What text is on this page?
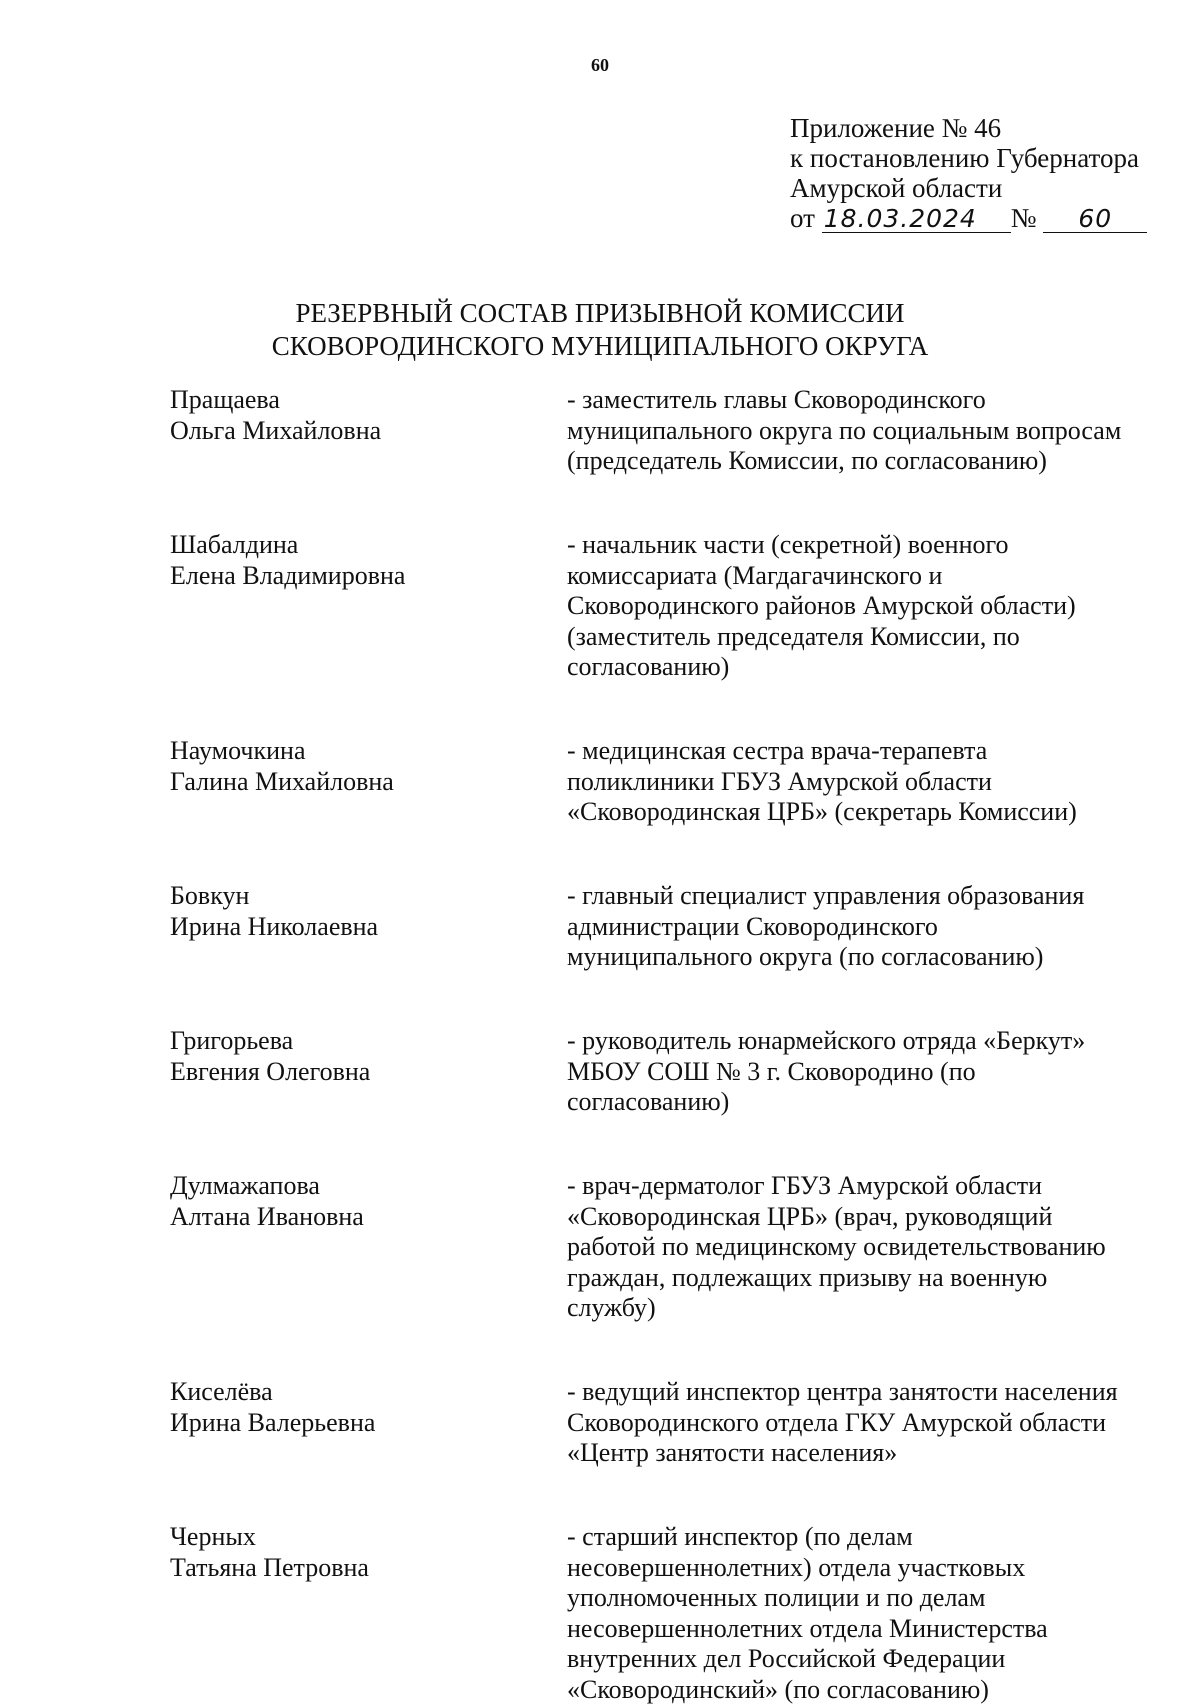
60
Приложение № 46
к постановлению Губернатора
Амурской области
от 18.03.2024 № 60
РЕЗЕРВНЫЙ СОСТАВ ПРИЗЫВНОЙ КОМИССИИ
СКОВОРОДИНСКОГО МУНИЦИПАЛЬНОГО ОКРУГА
Пращаева
Ольга Михайловна
- заместитель главы Сковородинского
муниципального округа по социальным вопросам
(председатель Комиссии, по согласованию)
Шабалдина
Елена Владимировна
- начальник части (секретной) военного
комиссариата (Магдагачинского и
Сковородинского районов Амурской области)
(заместитель председателя Комиссии, по
согласованию)
Наумочкина
Галина Михайловна
- медицинская сестра врача-терапевта
поликлиники ГБУЗ Амурской области
«Сковородинская ЦРБ» (секретарь Комиссии)
Бовкун
Ирина Николаевна
- главный специалист управления образования
администрации Сковородинского
муниципального округа (по согласованию)
Григорьева
Евгения Олеговна
- руководитель юнармейского отряда «Беркут»
МБОУ СОШ № 3 г. Сковородино (по
согласованию)
Дулмажапова
Алтана Ивановна
- врач-дерматолог ГБУЗ Амурской области
«Сковородинская ЦРБ» (врач, руководящий
работой по медицинскому освидетельствованию
граждан, подлежащих призыву на военную
службу)
Киселёва
Ирина Валерьевна
- ведущий инспектор центра занятости населения
Сковородинского отдела ГКУ Амурской области
«Центр занятости населения»
Черных
Татьяна Петровна
- старший инспектор (по делам
несовершеннолетних) отдела участковых
уполномоченных полиции и по делам
несовершеннолетних отдела Министерства
внутренних дел Российской Федерации
«Сковородинский» (по согласованию)
